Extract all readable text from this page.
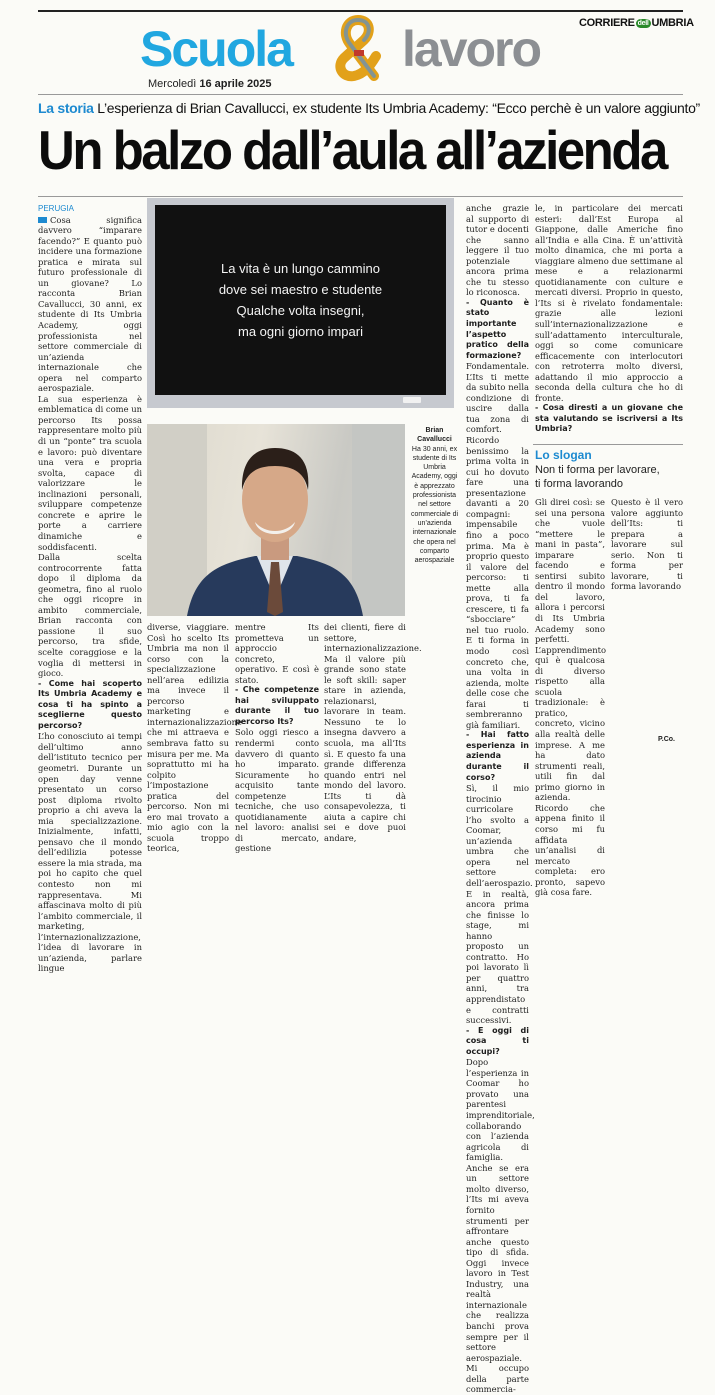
Scuola lavoro	CORRIERE dell UMBRIA
Mercoledì 16 aprile 2025
La storia L’esperienza di Brian Cavallucci, ex studente Its Umbria Academy: “Ecco perchè è un valore aggiunto”
Un balzo dall’aula all’azienda

PERUGIA

Cosa significa davvero “imparare facendo?” E quanto può incidere una formazione pratica e mirata sul futuro professionale di un giovane? Lo racconta Brian Cavallucci, 30 anni, ex studente di Its Umbria Academy, oggi professionista nel settore commerciale di un’azienda internazionale che opera nel comparto aerospaziale.

La sua esperienza è emblematica di come un percorso Its possa rappresentare molto più di un “ponte” tra scuola e lavoro: può diventare una vera e propria svolta, capace di valorizzare le inclinazioni personali, sviluppare competenze concrete e aprire le porte a carriere dinamiche e soddisfacenti.

Dalla scelta controcorrente fatta dopo il diploma da geometra, fino al ruolo che oggi ricopre in ambito commerciale, Brian racconta con passione il suo percorso, tra sfide, scelte coraggiose e la voglia di mettersi in gioco.

- Come hai scoperto Its Umbria Academy e cosa ti ha spinto a sceglierne questo percorso?

L’ho conosciuto ai tempi dell’ultimo anno dell’istituto tecnico per geometri. Durante un open day venne presentato un corso post diploma rivolto proprio a chi aveva la mia specializzazione. Inizialmente, infatti, pensavo che il mondo dell’edilizia potesse essere la mia strada, ma poi ho capito che quel contesto non mi rappresentava. Mi affascinava molto di più l’ambito commerciale, il marketing, l’internazionalizzazione, l’idea di lavorare in un’azienda, parlare lingue

La vita è un lungo cammino
dove sei maestro e studente
Qualche volta insegni,
ma ogni giorno impari
Brian Cavallucci
Ha 30 anni, ex studente di Its Umbria Academy, oggi è apprezzato professionista nel settore commerciale di un’azienda internazionale che opera nel comparto aerospaziale

diverse, viaggiare. Così ho scelto Its Umbria ma non il corso con la specializzazione nell’area edilizia ma invece il percorso marketing e internazionalizzazione che mi attraeva e sembrava fatto su misura per me. Ma soprattutto mi ha colpito l’impostazione pratica del percorso. Non mi ero mai trovato a mio agio con la scuola troppo teorica,

mentre Its prometteva un approccio concreto, operativo. E così è stato.

- Che competenze hai sviluppato durante il tuo percorso Its?

Solo oggi riesco a rendermi conto davvero di quanto ho imparato. Sicuramente ho acquisito tante competenze tecniche, che uso quotidianamente nel lavoro: analisi di mercato, gestione

dei clienti, fiere di settore, internazionalizzazione. Ma il valore più grande sono state le soft skill: saper stare in azienda, relazionarsi, lavorare in team. Nessuno te lo insegna davvero a scuola, ma all’Its sì. E questo fa una grande differenza quando entri nel mondo del lavoro. L’Its ti dà consapevolezza, ti aiuta a capire chi sei e dove puoi andare,

anche grazie al supporto di tutor e docenti che sanno leggere il tuo potenziale ancora prima che tu stesso lo riconosca.

- Quanto è stato importante l’aspetto pratico della formazione?

Fondamentale. L’Its ti mette da subito nella condizione di uscire dalla tua zona di comfort. Ricordo benissimo la prima volta in cui ho dovuto fare una presentazione davanti a 20 compagni: impensabile fino a poco prima. Ma è proprio questo il valore del percorso: ti mette alla prova, ti fa crescere, ti fa “sbocciare” nel tuo ruolo. E ti forma in modo così concreto che, una volta in azienda, molte delle cose che farai ti sembreranno già familiari.

- Hai fatto esperienza in azienda durante il corso?

Sì, il mio tirocinio curricolare l’ho svolto a Coomar, un’azienda umbra che opera nel settore dell’aerospazio. E in realtà, ancora prima che finisse lo stage, mi hanno proposto un contratto. Ho poi lavorato lì per quattro anni, tra apprendistato e contratti successivi.

- E oggi di cosa ti occupi?

Dopo l’esperienza in Coomar ho provato una parentesi imprenditoriale, collaborando con l’azienda agricola di famiglia. Anche se era un settore molto diverso, l’Its mi aveva fornito strumenti per affrontare anche questo tipo di sfida. Oggi invece lavoro in Test Industry, una realtà internazionale che realizza banchi prova sempre per il settore aerospaziale. Mi occupo della parte commercia-

le, in particolare dei mercati esteri: dall’Est Europa al Giappone, dalle Americhe fino all’India e alla Cina. È un’attività molto dinamica, che mi porta a viaggiare almeno due settimane al mese e a relazionarmi quotidianamente con culture e mercati diversi. Proprio in questo, l’Its si è rivelato fondamentale: grazie alle lezioni sull’internazionalizzazione e sull’adattamento interculturale, oggi so come comunicare efficacemente con interlocutori con retroterra molto diversi, adattando il mio approccio a seconda della cultura che ho di fronte.

- Cosa diresti a un giovane che sta valutando se iscriversi a Its Umbria?

Lo slogan
Non ti forma per lavorare,
ti forma lavorando

Gli direi così: se sei una persona che vuole “mettere le mani in pasta”, imparare facendo e sentirsi subito dentro il mondo del lavoro, allora i percorsi di Its Umbria Academy sono perfetti. L’apprendimento qui è qualcosa di diverso rispetto alla scuola tradizionale: è pratico, concreto, vicino alla realtà delle imprese. A me ha dato strumenti reali, utili fin dal primo giorno in azienda. Ricordo che appena finito il corso mi fu affidata un’analisi di mercato completa: ero pronto, sapevo già cosa fare.

Questo è il vero valore aggiunto dell’Its: ti prepara a lavorare sul serio. Non ti forma per lavorare, ti forma lavorando

P.Co.
